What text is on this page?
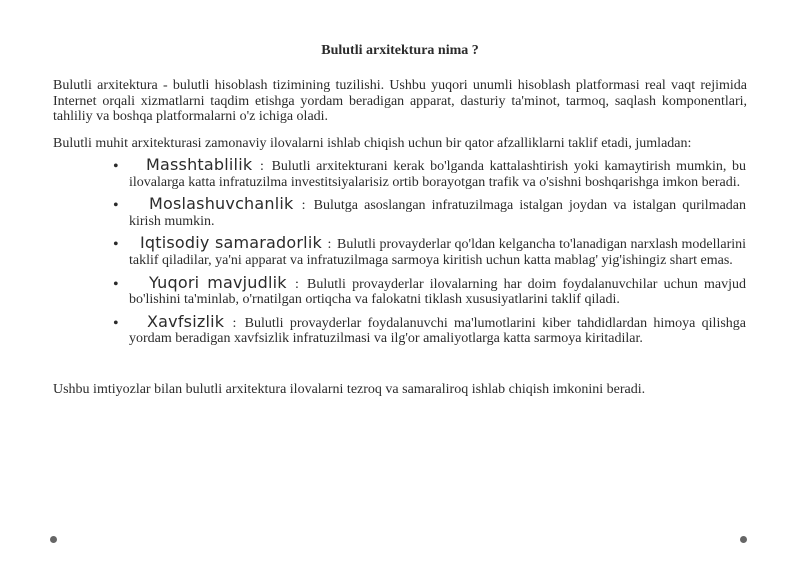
Bulutli arxitektura nima ?

Bulutli arxitektura - bulutli hisoblash tizimining tuzilishi. Ushbu yuqori unumli hisoblash platformasi real vaqt rejimida Internet orqali xizmatlarni taqdim etishga yordam beradigan apparat, dasturiy ta'minot, tarmoq, saqlash komponentlari, tahliliy va boshqa platformalarni o'z ichiga oladi.

Bulutli muhit arxitekturasi zamonaviy ilovalarni ishlab chiqish uchun bir qator afzalliklarni taklif etadi, jumladan:

• Masshtablilik : Bulutli arxitekturani kerak bo'lganda kattalashtirish yoki kamaytirish mumkin, bu ilovalarga katta infratuzilma investitsiyalarisiz ortib borayotgan trafik va o'sishni boshqarishga imkon beradi.
• Moslashuvchanlik : Bulutga asoslangan infratuzilmaga istalgan joydan va istalgan qurilmadan kirish mumkin.
• Iqtisodiy samaradorlik : Bulutli provayderlar qo'ldan kelgancha to'lanadigan narxlash modellarini taklif qiladilar, ya'ni apparat va infratuzilmaga sarmoya kiritish uchun katta mablag' yig'ishingiz shart emas.
• Yuqori mavjudlik : Bulutli provayderlar ilovalarning har doim foydalanuvchilar uchun mavjud bo'lishini ta'minlab, o'rnatilgan ortiqcha va falokatni tiklash xususiyatlarini taklif qiladi.
• Xavfsizlik : Bulutli provayderlar foydalanuvchi ma'lumotlarini kiber tahdidlardan himoya qilishga yordam beradigan xavfsizlik infratuzilmasi va ilg'or amaliyotlarga katta sarmoya kiritadilar.

Ushbu imtiyozlar bilan bulutli arxitektura ilovalarni tezroq va samaraliroq ishlab chiqish imkonini beradi.
